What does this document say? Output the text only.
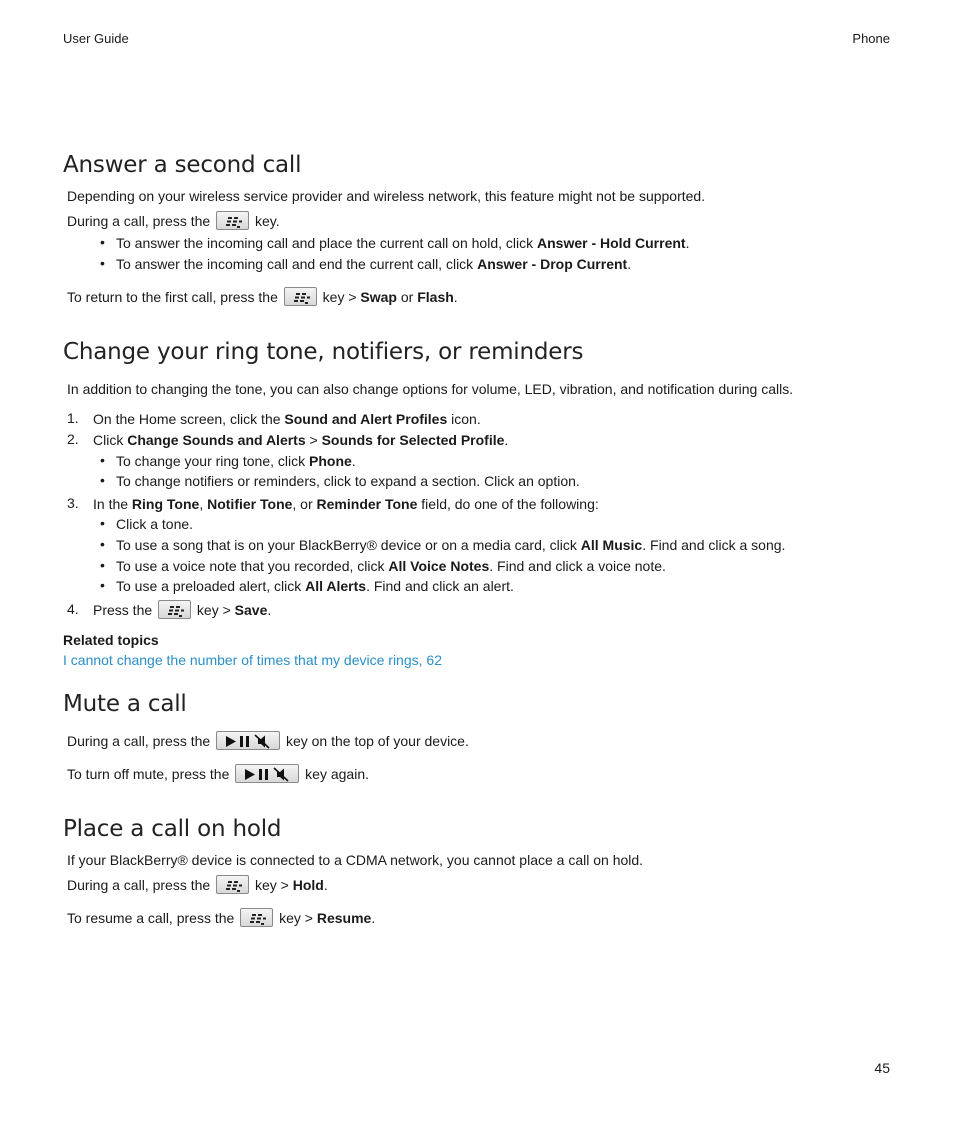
User Guide	Phone
Answer a second call
Depending on your wireless service provider and wireless network, this feature might not be supported.
During a call, press the	key.
• To answer the incoming call and place the current call on hold, click Answer - Hold Current.
• To answer the incoming call and end the current call, click Answer - Drop Current.
To return to the first call, press the	key > Swap or Flash.
Change your ring tone, notifiers, or reminders
In addition to changing the tone, you can also change options for volume, LED, vibration, and notification during calls.
1. On the Home screen, click the Sound and Alert Profiles icon.
2. Click Change Sounds and Alerts > Sounds for Selected Profile.
• To change your ring tone, click Phone.
• To change notifiers or reminders, click to expand a section. Click an option.
3. In the Ring Tone, Notifier Tone, or Reminder Tone field, do one of the following:
• Click a tone.
• To use a song that is on your BlackBerry® device or on a media card, click All Music. Find and click a song.
• To use a voice note that you recorded, click All Voice Notes. Find and click a voice note.
• To use a preloaded alert, click All Alerts. Find and click an alert.
4. Press the	key > Save.
Related topics
I cannot change the number of times that my device rings, 62
Mute a call
During a call, press the	key on the top of your device.
To turn off mute, press the	key again.
Place a call on hold
If your BlackBerry® device is connected to a CDMA network, you cannot place a call on hold.
During a call, press the	key > Hold.
To resume a call, press the	key > Resume.
45
